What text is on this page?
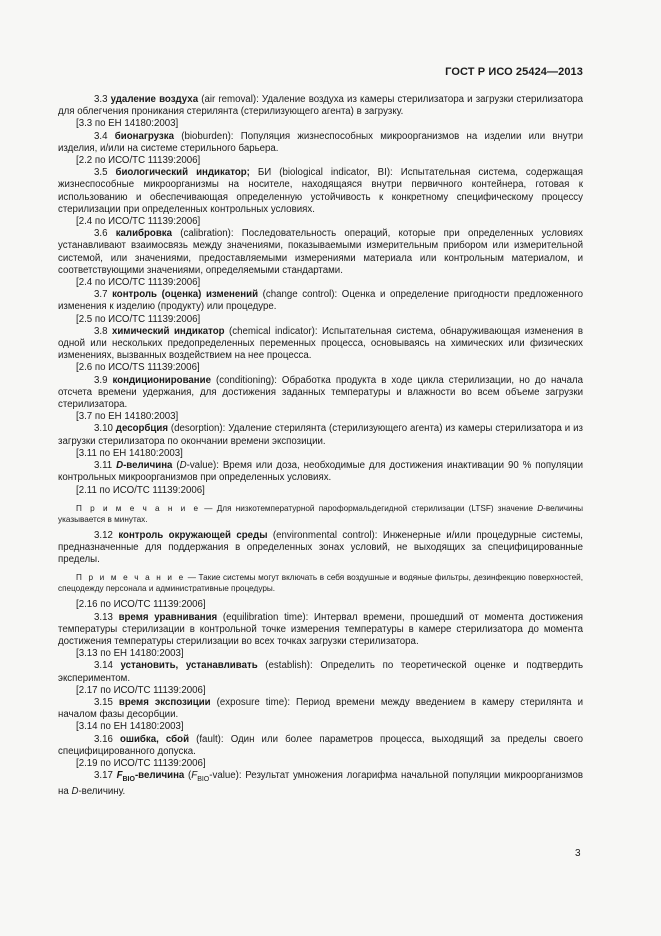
ГОСТ Р ИСО 25424—2013

3.3 удаление воздуха (air removal): Удаление воздуха из камеры стерилизатора и загрузки стерилизатора для облегчения проникания стерилянта (стерилизующего агента) в загрузку.

[3.3 по ЕН 14180:2003]

3.4 бионагрузка (bioburden): Популяция жизнеспособных микроорганизмов на изделии или внутри изделия, и/или на системе стерильного барьера.

[2.2 по ИСО/ТС 11139:2006]

3.5 биологический индикатор; БИ (biological indicator, BI): Испытательная система, содержащая жизнеспособные микроорганизмы на носителе, находящаяся внутри первичного контейнера, готовая к использованию и обеспечивающая определенную устойчивость к конкретному специфическому процессу стерилизации при определенных контрольных условиях.

[2.4 по ИСО/ТС 11139:2006]

3.6 калибровка (calibration): Последовательность операций, которые при определенных условиях устанавливают взаимосвязь между значениями, показываемыми измерительным прибором или измерительной системой, или значениями, предоставляемыми измерениями материала или контрольным материалом, и соответствующими значениями, определяемыми стандартами.

[2.4 по ИСО/ТС 11139:2006]

3.7 контроль (оценка) изменений (change control): Оценка и определение пригодности предложенного изменения к изделию (продукту) или процедуре.

[2.5 по ИСО/ТС 11139:2006]

3.8 химический индикатор (chemical indicator): Испытательная система, обнаруживающая изменения в одной или нескольких предопределенных переменных процесса, основываясь на химических или физических изменениях, вызванных воздействием на нее процесса.

[2.6 по ИСО/TS 11139:2006]

3.9 кондиционирование (conditioning): Обработка продукта в ходе цикла стерилизации, но до начала отсчета времени удержания, для достижения заданных температуры и влажности во всем объеме загрузки стерилизатора.

[3.7 по ЕН 14180:2003]

3.10 десорбция (desorption): Удаление стерилянта (стерилизующего агента) из камеры стерилизатора и из загрузки стерилизатора по окончании времени экспозиции.

[3.11 по ЕН 14180:2003]

3.11 D-величина (D-value): Время или доза, необходимые для достижения инактивации 90 % популяции контрольных микроорганизмов при определенных условиях.

[2.11 по ИСО/ТС 11139:2006]

П р и м е ч а н и е — Для низкотемпературной парoформальдегидной стерилизации (LTSF) значение D-величины указывается в минутах.

3.12 контроль окружающей среды (environmental control): Инженерные и/или процедурные системы, предназначенные для поддержания в определенных зонах условий, не выходящих за специфицированные пределы.

П р и м е ч а н и е — Такие системы могут включать в себя воздушные и водяные фильтры, дезинфекцию поверхностей, спецодежду персонала и административные процедуры.

[2.16 по ИСО/ТС 11139:2006]

3.13 время уравнивания (equilibration time): Интервал времени, прошедший от момента достижения температуры стерилизации в контрольной точке измерения температуры в камере стерилизатора до момента достижения температуры стерилизации во всех точках загрузки стерилизатора.

[3.13 по ЕН 14180:2003]

3.14 установить, устанавливать (establish): Определить по теоретической оценке и подтвердить экспериментом.

[2.17 по ИСО/ТС 11139:2006]

3.15 время экспозиции (exposure time): Период времени между введением в камеру стерилянта и началом фазы десорбции.

[3.14 по ЕН 14180:2003]

3.16 ошибка, сбой (fault): Один или более параметров процесса, выходящий за пределы своего специфицированного допуска.

[2.19 по ИСО/ТС 11139:2006]

3.17 $F_{BIO}$-величина $(F_{BIO}-value)$: Результат умножения логарифма начальной популяции микроорганизмов на D-величину.

3
